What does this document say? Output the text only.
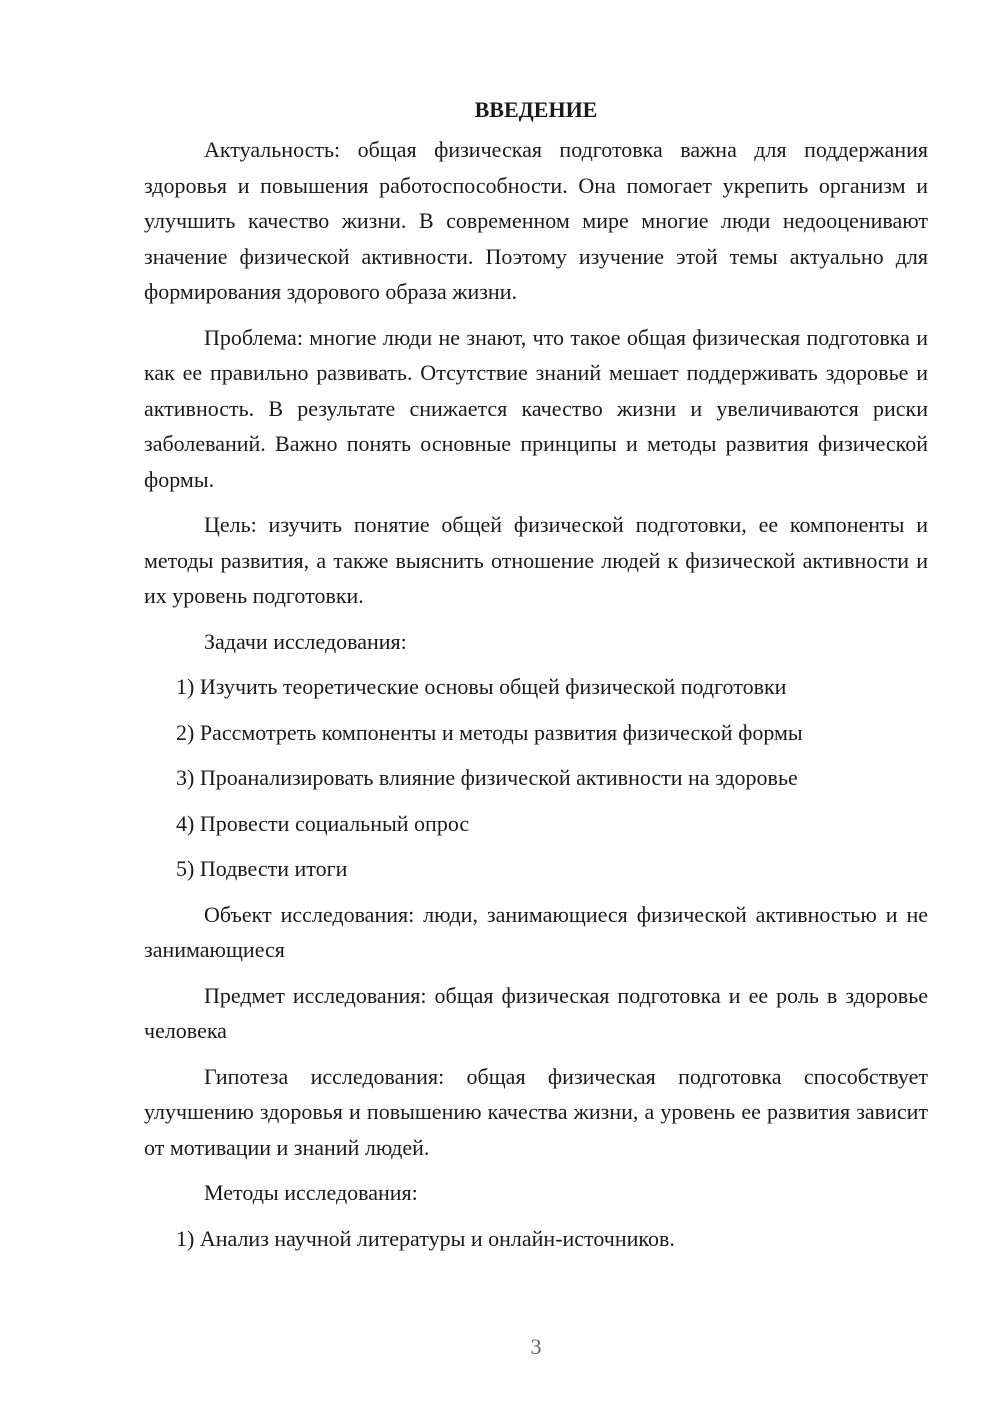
ВВЕДЕНИЕ

Актуальность: общая физическая подготовка важна для поддержания здоровья и повышения работоспособности. Она помогает укрепить организм и улучшить качество жизни. В современном мире многие люди недооценивают значение физической активности. Поэтому изучение этой темы актуально для формирования здорового образа жизни.

Проблема: многие люди не знают, что такое общая физическая подготовка и как ее правильно развивать. Отсутствие знаний мешает поддерживать здоровье и активность. В результате снижается качество жизни и увеличиваются риски заболеваний. Важно понять основные принципы и методы развития физической формы.

Цель: изучить понятие общей физической подготовки, ее компоненты и методы развития, а также выяснить отношение людей к физической активности и их уровень подготовки.

Задачи исследования:

1) Изучить теоретические основы общей физической подготовки

2) Рассмотреть компоненты и методы развития физической формы

3) Проанализировать влияние физической активности на здоровье

4) Провести социальный опрос

5) Подвести итоги

Объект исследования: люди, занимающиеся физической активностью и не занимающиеся

Предмет исследования: общая физическая подготовка и ее роль в здоровье человека

Гипотеза исследования: общая физическая подготовка способствует улучшению здоровья и повышению качества жизни, а уровень ее развития зависит от мотивации и знаний людей.

Методы исследования:

1) Анализ научной литературы и онлайн-источников.

3
